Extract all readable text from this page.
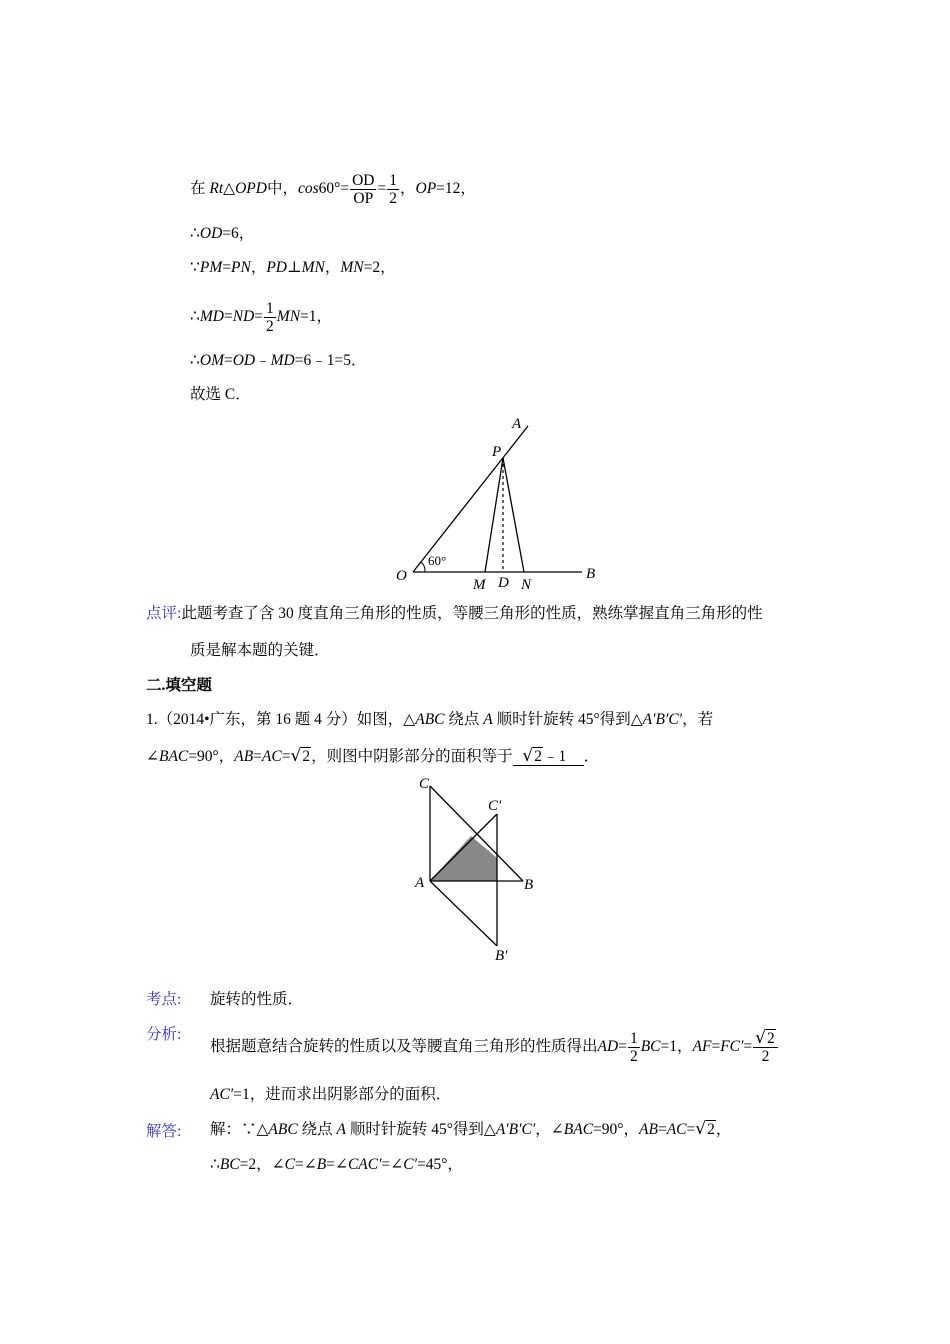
在 Rt△OPD中，$\cos 60^\circ= \frac{OD}{OP} = \frac{1}{2}$ ，OP=12，
∴OD=6，
∵PM=PN，PD⊥MN，MN=2，
∴MD=ND= $\frac{1}{2} MN=1$，
∴OM=OD﹣MD=6﹣1=5．
故选 C．
A
P
O	B
M D N
60°
点评:此题考查了含 30 度直角三角形的性质，等腰三角形的性质，熟练掌握直角三角形的性
质是解本题的关键．
二.填空题
1.（2014•广东，第 16 题 4 分）如图，△ABC 绕点 A 顺时针旋转 45°得到△A′B′C′，若
∠BAC=90°，AB=AC=√2，则图中阴影部分的面积等于 √2﹣1 ．
C
C′
A	B
B′
考点: 旋转的性质．
分析:
根据题意结合旋转的性质以及等腰直角三角形的性质得出$AD= \frac{1}{2} BC=1$，$AF=FC'= \frac{√2}{2}$
AC′=1，进而求出阴影部分的面积．
解答: 解：∵△ABC 绕点 A 顺时针旋转 45°得到△A′B′C′，∠BAC=90°，AB=AC=√2，
∴BC=2，∠C=∠B=∠CAC′=∠C′=45°，
